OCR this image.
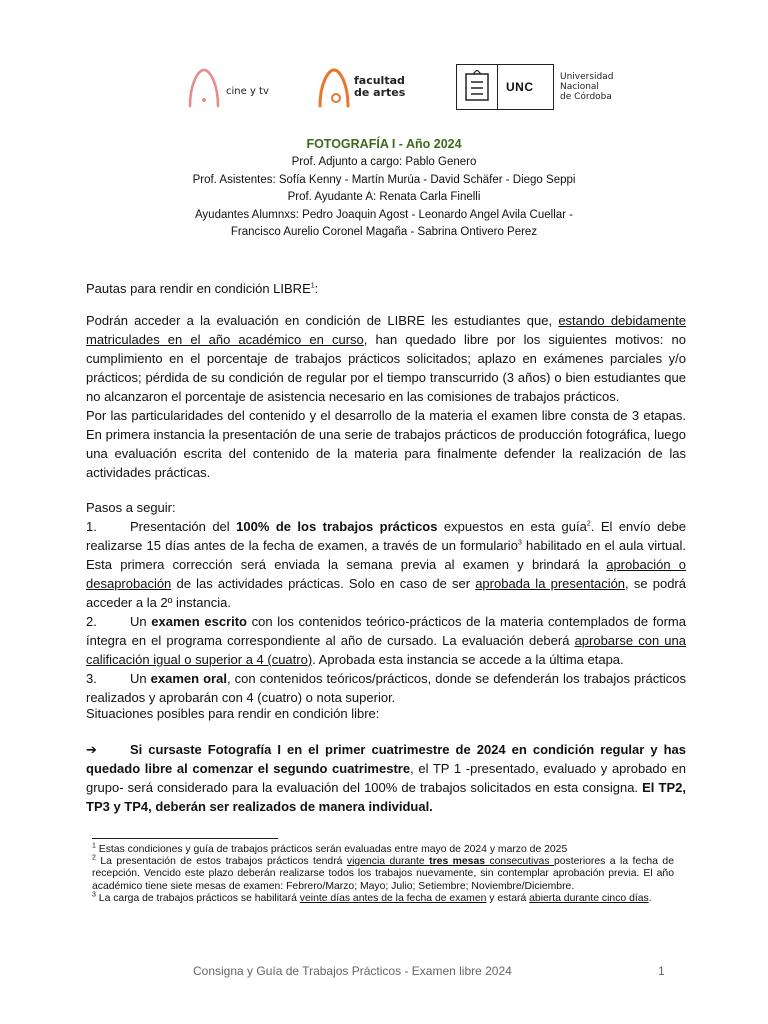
cine y tv
facultad
de artes	UNC
Universidad
Nacional
de Córdoba
FOTOGRAFÍA I - Año 2024
Prof. Adjunto a cargo: Pablo Genero
Prof. Asistentes: Sofía Kenny - Martín Murúa - David Schäfer - Diego Seppi
Prof. Ayudante A: Renata Carla Finelli
Ayudantes Alumnxs: Pedro Joaquin Agost - Leonardo Angel Avila Cuellar -
Francisco Aurelio Coronel Magaña - Sabrina Ontivero Perez
Pautas para rendir en condición LIBRE$^1$:

Podrán acceder a la evaluación en condición de LIBRE les estudiantes que, estando debidamente matriculades en el año académico en curso, han quedado libre por los siguientes motivos: no cumplimiento en el porcentaje de trabajos prácticos solicitados; aplazo en exámenes parciales y/o prácticos; pérdida de su condición de regular por el tiempo transcurrido (3 años) o bien estudiantes que no alcanzaron el porcentaje de asistencia necesario en las comisiones de trabajos prácticos.

Por las particularidades del contenido y el desarrollo de la materia el examen libre consta de 3 etapas. En primera instancia la presentación de una serie de trabajos prácticos de producción fotográfica, luego una evaluación escrita del contenido de la materia para finalmente defender la realización de las actividades prácticas.

Pasos a seguir:

1.	Presentación del 100% de los trabajos prácticos expuestos en esta guía$^2$. El envío debe realizarse 15 días antes de la fecha de examen, a través de un formulario$^3$ habilitado en el aula virtual. Esta primera corrección será enviada la semana previa al examen y brindará la aprobación o desaprobación de las actividades prácticas. Solo en caso de ser aprobada la presentación, se podrá acceder a la 2º instancia.

2.	Un examen escrito con los contenidos teórico-prácticos de la materia contemplados de forma íntegra en el programa correspondiente al año de cursado. La evaluación deberá aprobarse con una calificación igual o superior a 4 (cuatro). Aprobada esta instancia se accede a la última etapa.

3.	Un examen oral, con contenidos teóricos/prácticos, donde se defenderán los trabajos prácticos realizados y aprobarán con 4 (cuatro) o nota superior.

Situaciones posibles para rendir en condición libre:

➔	Si cursaste Fotografía I en el primer cuatrimestre de 2024 en condición regular y has quedado libre al comenzar el segundo cuatrimestre, el TP 1 -presentado, evaluado y aprobado en grupo- será considerado para la evaluación del 100% de trabajos solicitados en esta consigna. El TP2, TP3 y TP4, deberán ser realizados de manera individual.

$^1$ Estas condiciones y guía de trabajos prácticos serán evaluadas entre mayo de 2024 y marzo de 2025

$^2$ La presentación de estos trabajos prácticos tendrá vigencia durante tres mesas consecutivas posteriores a la fecha de recepción. Vencido este plazo deberán realizarse todos los trabajos nuevamente, sin contemplar aprobación previa. El año académico tiene siete mesas de examen: Febrero/Marzo; Mayo; Julio; Setiembre; Noviembre/Diciembre.

$^3$ La carga de trabajos prácticos se habilitará veinte días antes de la fecha de examen y estará abierta durante cinco días.

Consigna y Guía de Trabajos Prácticos - Examen libre 2024	1
